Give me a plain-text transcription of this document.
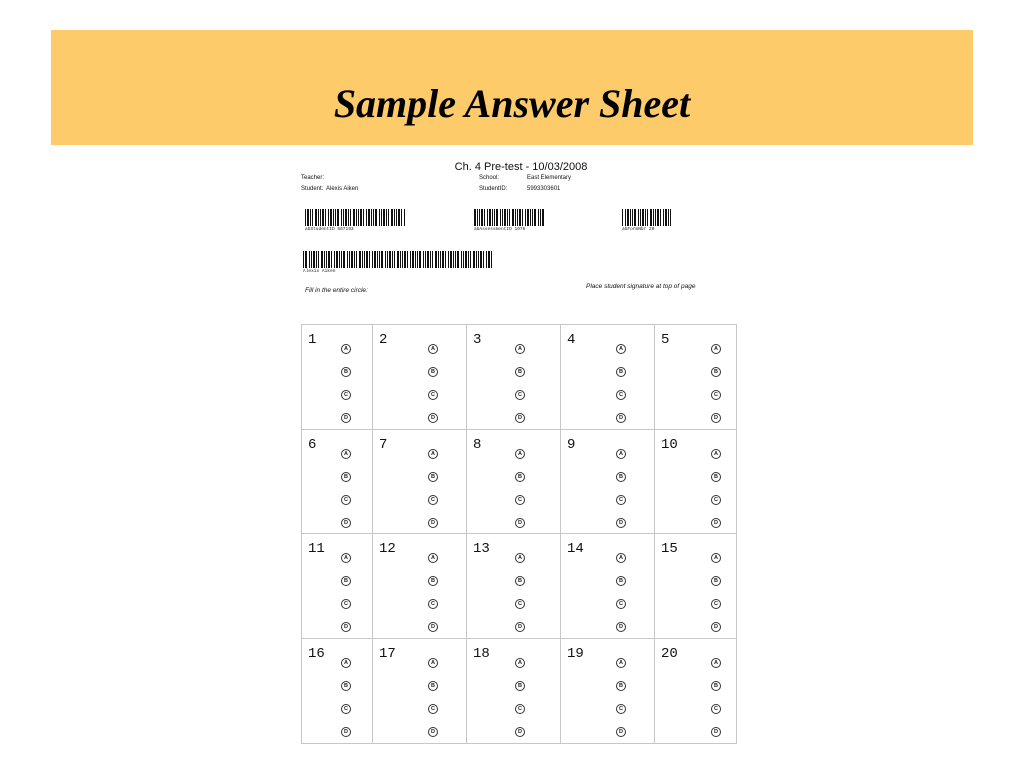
Sample Answer Sheet
Ch. 4 Pre-test - 10/03/2008
Teacher:
Student: Alexis Aiken
School:	East Elementary
StudentID:	5993303601
abStudentID 567193	abAssessmentID 1076	abFormNbr 20
Alexis Aiken
Fill in the entire circle:
Place student signature at top of page
1
A
B
C
D
2
A
B
C
D
3
A
B
C
D
4
A
B
C
D
5
A
B
C
D
6
A
B
C
D
7
A
B
C
D
8
A
B
C
D
9
A
B
C
D
10
A
B
C
D
11
A
B
C
D
12
A
B
C
D
13
A
B
C
D
14
A
B
C
D
15
A
B
C
D
16
A
B
C
D
17
A
B
C
D
18
A
B
C
D
19
A
B
C
D
20
A
B
C
D
